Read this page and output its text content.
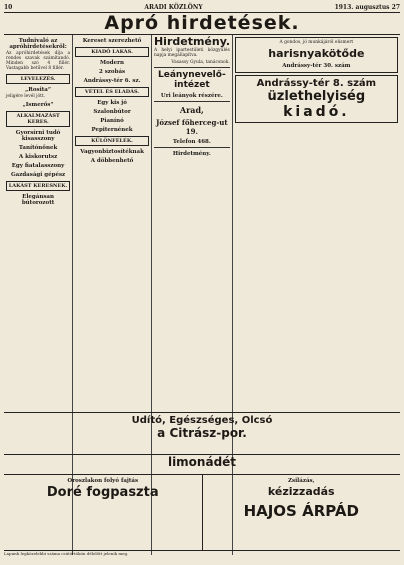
10	ARADI KÖZLÖNY	1913. augusztus 27
Apró hirdetések.
Tudnivaló az apróhirdetésekről:
Az apróhirdetések díja a rendes szavak számítandó. Minden szó 4 fillér. Vastagabb betűvel 8 fillér.
LEVELEZÉS.
„Rosita”
jeligére levél jött.
„Ismerős”
ALKALMAZÁST KERES.
Gyorsírni tudó kisasszony
Tanítónőnek
A kiskorutsz
Egy fiatalasszony
Gazdasági gépész
LAKÁST KERESNEK.
Elegánsan bútorozott
Kereset szerezhető
KIADÓ LAKÁS.
Modern
2 szobás
Andrássy-tér 6. sz.
VÉTEL ÉS ELADÁS.
Egy kis jó
Szalonbútor
Pianínó
Pepiternének
KÜLÖNFÉLÉK.
Vagyonbiztosítéknak
A döbbenhető
Hirdetmény.
A helyi ipartestületi közgyűlés napja megállapítva.
Vasassy Gyula, tanácsnok.
Leánynevelő-intézet
Uri leányok részére.
Arad,
József főherceg-ut 19.
Telefon 468.
Hirdetmény.
A gondos, jó munkájáról elismert
harisnyakötőde
Andrássy-tér 30. szám
Andrássy-tér 8. szám
üzlethelyiség
kiadó.
Udító, Egészséges, Olcsó
a Citrász-por.
limonádét
Oroszlakon folyó fajtás
Doré fogpaszta
Zsilázás,
kézizzadás
HAJOS ÁRPÁD
Lapunk legközelebbi száma csütörtökön délelőtt jelenik meg.
